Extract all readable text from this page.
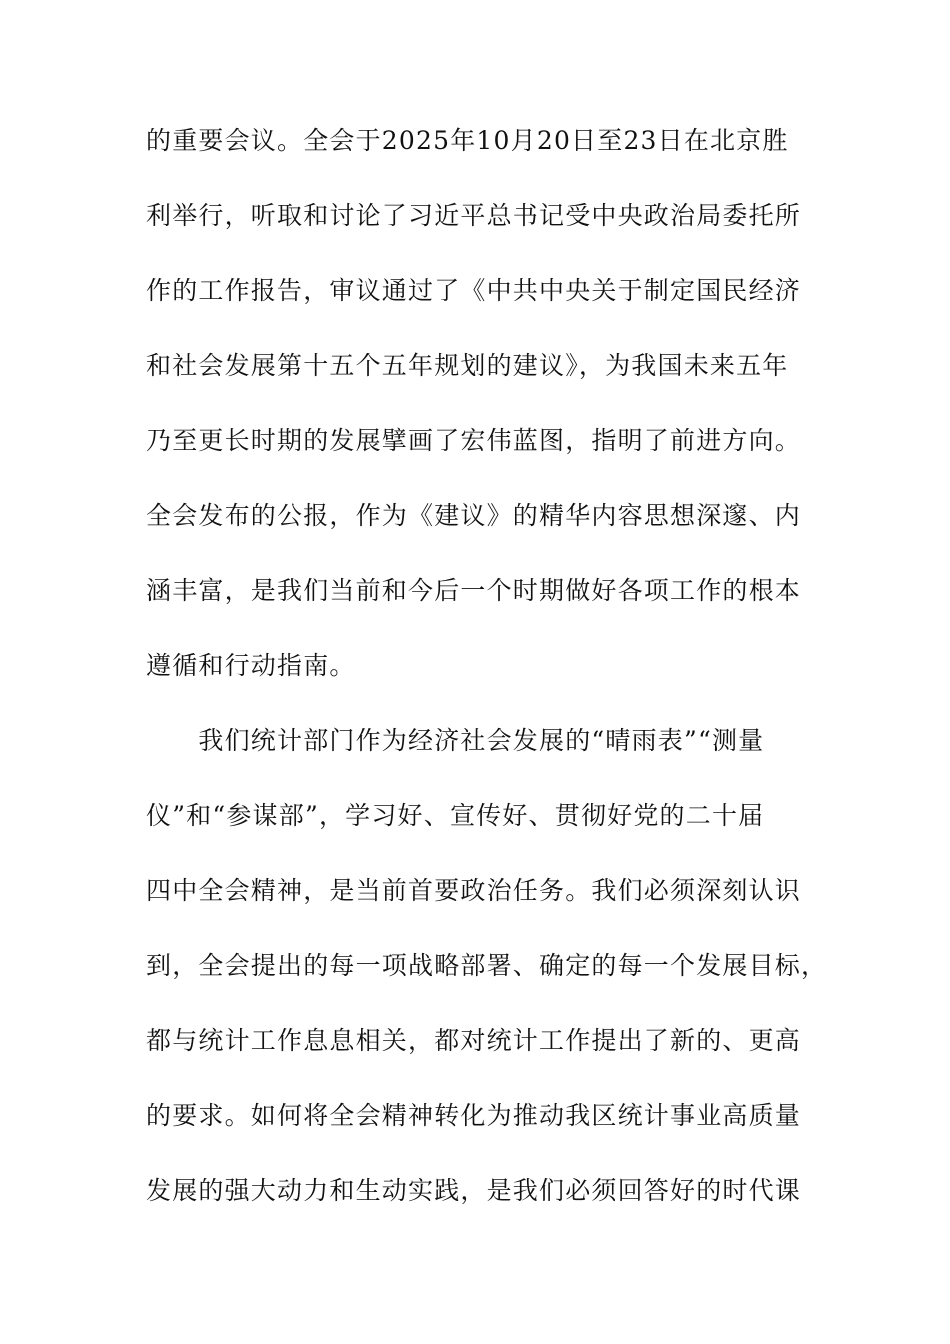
的重要会议。全会于2025年10月20日至23日在北京胜
利举行，听取和讨论了习近平总书记受中央政治局委托所
作的工作报告，审议通过了《中共中央关于制定国民经济
和社会发展第十五个五年规划的建议》，为我国未来五年
乃至更长时期的发展擘画了宏伟蓝图，指明了前进方向。
全会发布的公报，作为《建议》的精华内容思想深邃、内
涵丰富，是我们当前和今后一个时期做好各项工作的根本
遵循和行动指南。
　　我们统计部门作为经济社会发展的“晴雨表”“测量
仪”和“参谋部”，学习好、宣传好、贯彻好党的二十届
四中全会精神，是当前首要政治任务。我们必须深刻认识
到，全会提出的每一项战略部署、确定的每一个发展目标，
都与统计工作息息相关，都对统计工作提出了新的、更高
的要求。如何将全会精神转化为推动我区统计事业高质量
发展的强大动力和生动实践，是我们必须回答好的时代课
